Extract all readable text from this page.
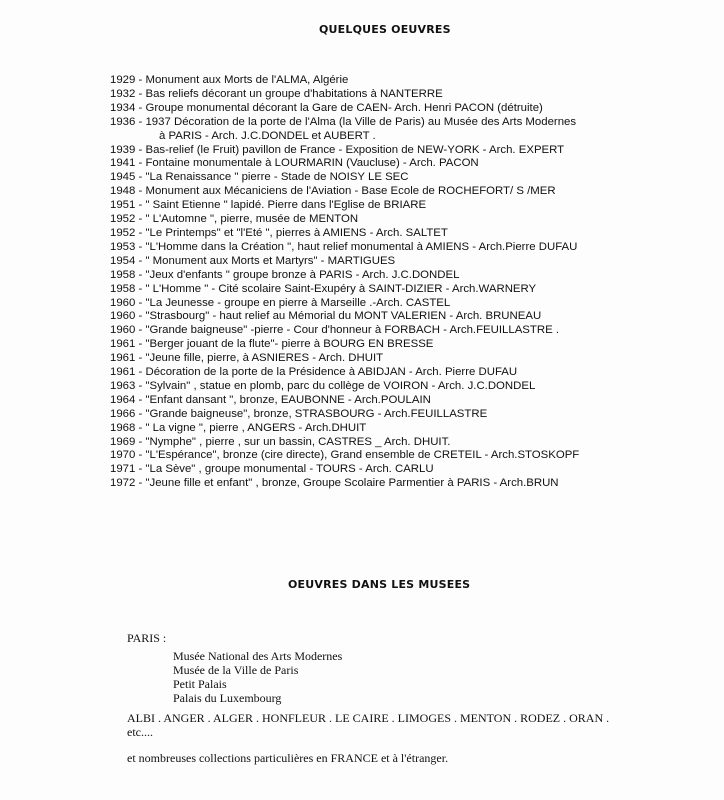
QUELQUES OEUVRES
1929 - Monument aux Morts de l'ALMA, Algérie
1932 - Bas reliefs décorant un groupe d'habitations à NANTERRE
1934 - Groupe monumental décorant la Gare de CAEN- Arch. Henri PACON (détruite)
1936 - 1937 Décoration de la porte de l'Alma (la Ville de Paris) au Musée des Arts Modernes
à PARIS - Arch. J.C.DONDEL et AUBERT .
1939 - Bas-relief (le Fruit) pavillon de France - Exposition de NEW-YORK - Arch. EXPERT
1941 - Fontaine monumentale à LOURMARIN (Vaucluse) - Arch. PACON
1945 - "La Renaissance " pierre - Stade de NOISY LE SEC
1948 - Monument aux Mécaniciens de l'Aviation - Base Ecole de ROCHEFORT/ S /MER
1951 - " Saint Etienne " lapidé. Pierre dans l'Eglise de BRIARE
1952 - " L'Automne ", pierre, musée de MENTON
1952 - "Le Printemps" et "l'Eté ", pierres à AMIENS - Arch. SALTET
1953 - "L'Homme dans la Création ", haut relief monumental à AMIENS - Arch.Pierre DUFAU
1954 - " Monument aux Morts et Martyrs" - MARTIGUES
1958 - "Jeux d'enfants " groupe bronze à PARIS - Arch. J.C.DONDEL
1958 - " L'Homme " - Cité scolaire Saint-Exupéry à SAINT-DIZIER - Arch.WARNERY
1960 - "La Jeunesse - groupe en pierre à Marseille .-Arch. CASTEL
1960 - "Strasbourg" - haut relief au Mémorial du MONT VALERIEN - Arch. BRUNEAU
1960 - "Grande baigneuse" -pierre - Cour d'honneur à FORBACH - Arch.FEUILLASTRE .
1961 - "Berger jouant de la flute"- pierre à BOURG EN BRESSE
1961 - "Jeune fille, pierre, à ASNIERES - Arch. DHUIT
1961 - Décoration de la porte de la Présidence à ABIDJAN - Arch. Pierre DUFAU
1963 - "Sylvain" , statue en plomb, parc du collège de VOIRON - Arch. J.C.DONDEL
1964 - "Enfant dansant ", bronze, EAUBONNE - Arch.POULAIN
1966 - "Grande baigneuse", bronze, STRASBOURG - Arch.FEUILLASTRE
1968 - " La vigne ", pierre , ANGERS - Arch.DHUIT
1969 - "Nymphe" , pierre , sur un bassin, CASTRES _ Arch. DHUIT.
1970 - "L'Espérance", bronze (cire directe), Grand ensemble de CRETEIL - Arch.STOSKOPF
1971 - "La Sève" , groupe monumental - TOURS - Arch. CARLU
1972 - "Jeune fille et enfant" , bronze, Groupe Scolaire Parmentier à PARIS - Arch.BRUN
OEUVRES DANS LES MUSEES
PARIS :
Musée National des Arts Modernes
Musée de la Ville de Paris
Petit Palais
Palais du Luxembourg
ALBI . ANGER . ALGER . HONFLEUR . LE CAIRE . LIMOGES . MENTON . RODEZ . ORAN .
etc....
et nombreuses collections particulières en FRANCE et à l'étranger.
